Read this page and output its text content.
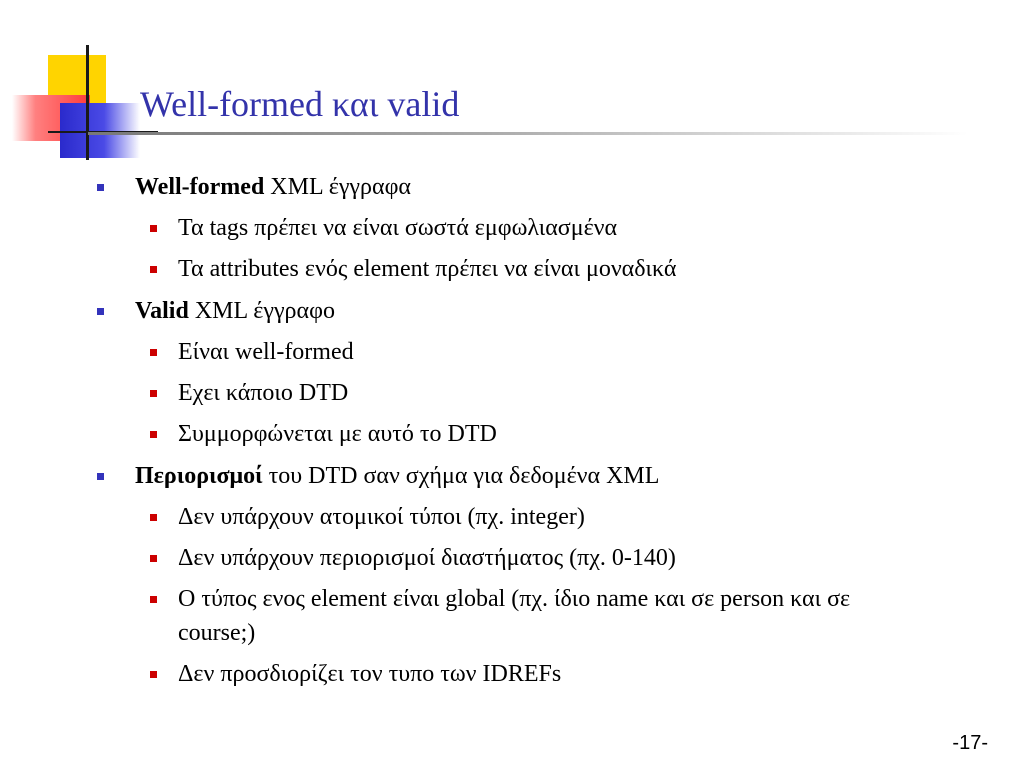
Well-formed και valid
Well-formed XML έγγραφα
Τα tags πρέπει να είναι σωστά εμφωλιασμένα
Τα attributes ενός element πρέπει να είναι μοναδικά
Valid XML έγγραφο
Είναι well-formed
Εχει κάποιο DTD
Συμμορφώνεται με αυτό το DTD
Περιορισμοί του DTD σαν σχήμα για δεδομένα XML
Δεν υπάρχουν ατομικοί τύποι (πχ. integer)
Δεν υπάρχουν περιορισμοί διαστήματος (πχ. 0-140)
Ο τύπος ενος element είναι global (πχ. ίδιο name και σε person και σε course;)
Δεν προσδιορίζει τον τυπο των IDREFs
-17-
